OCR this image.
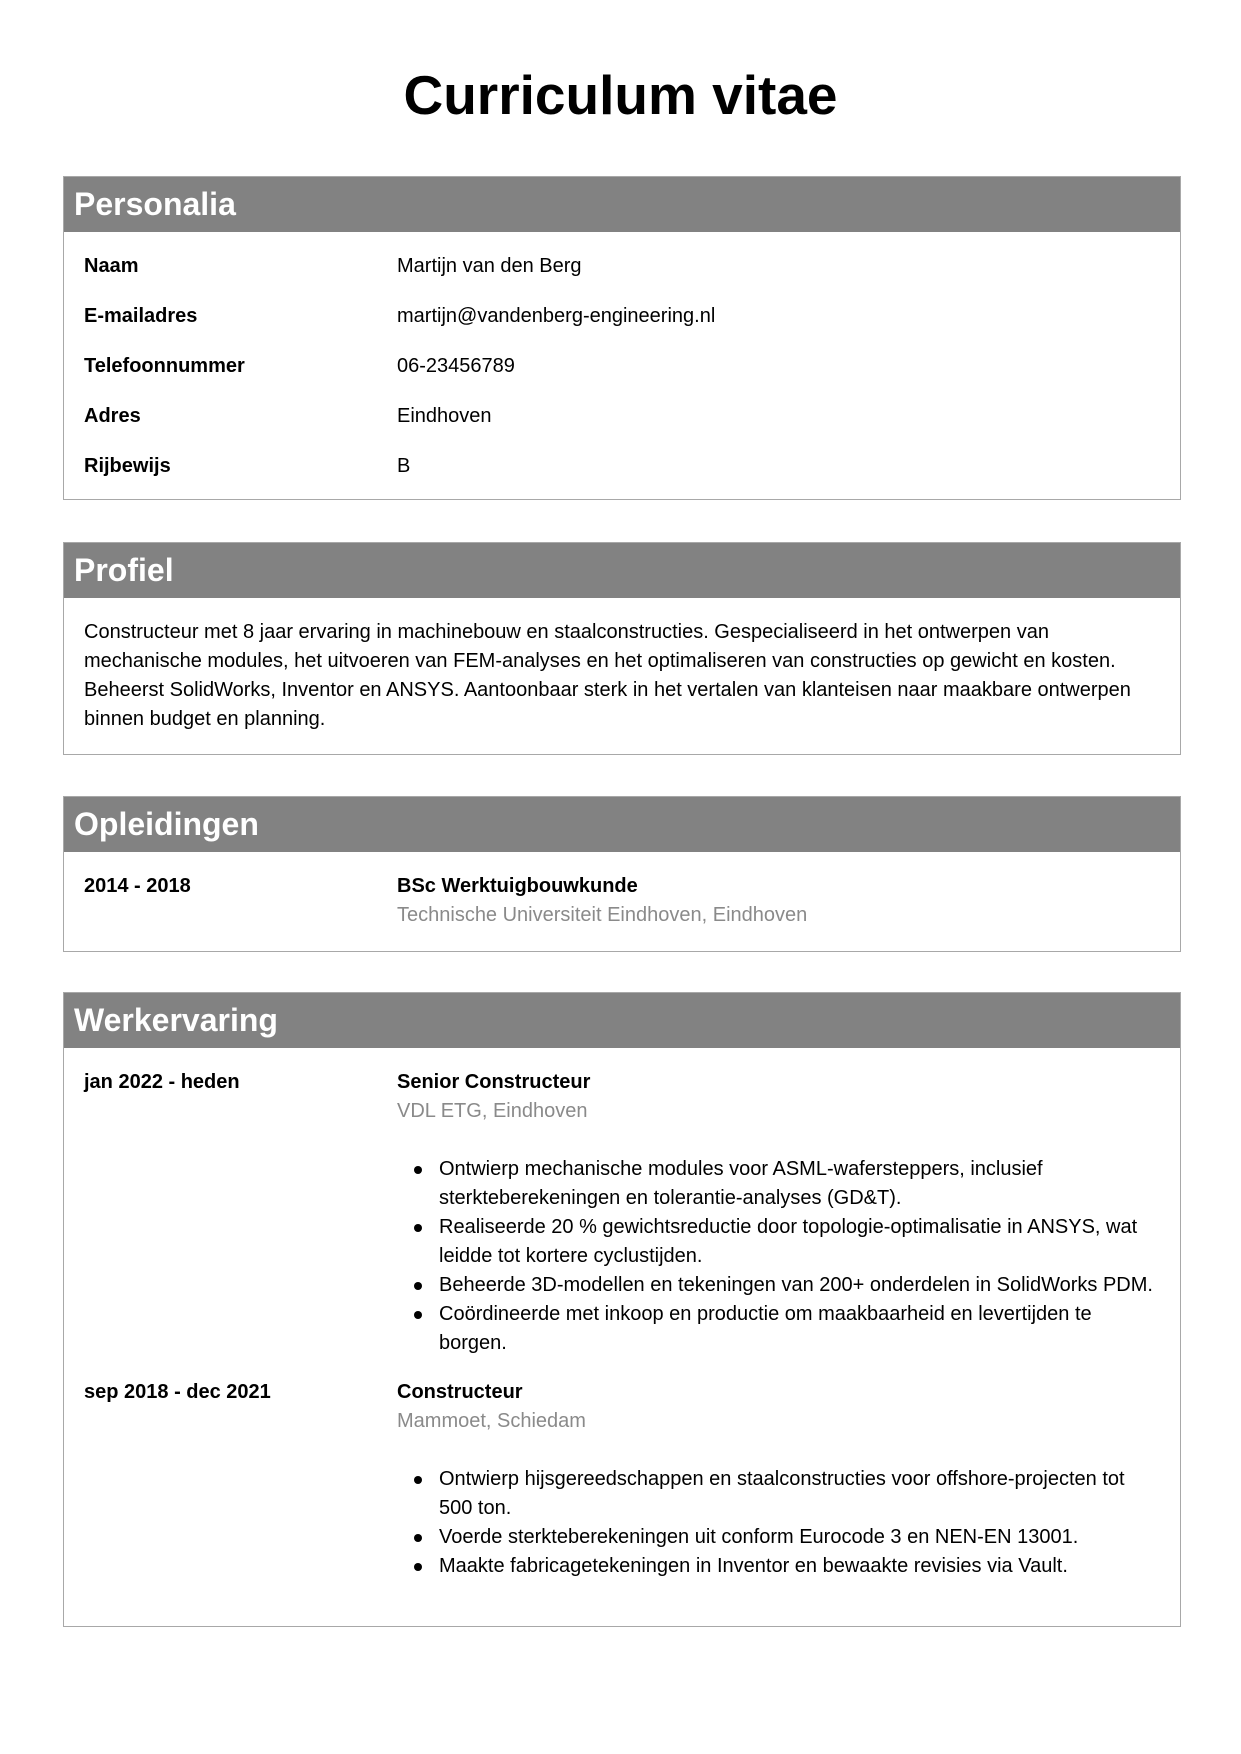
Curriculum vitae
Personalia
Naam	Martijn van den Berg
E-mailadres	martijn@vandenberg-engineering.nl
Telefoonnummer	06-23456789
Adres	Eindhoven
Rijbewijs	B
Profiel

Constructeur met 8 jaar ervaring in machinebouw en staalconstructies. Gespecialiseerd in het ontwerpen van mechanische modules, het uitvoeren van FEM-analyses en het optimaliseren van constructies op gewicht en kosten. Beheerst SolidWorks, Inventor en ANSYS. Aantoonbaar sterk in het vertalen van klanteisen naar maakbare ontwerpen binnen budget en planning.

Opleidingen
2014 - 2018	BSc Werktuigbouwkunde
Technische Universiteit Eindhoven, Eindhoven
Werkervaring
jan 2022 - heden	Senior Constructeur
VDL ETG, Eindhoven
Ontwierp mechanische modules voor ASML-wafersteppers, inclusief sterkteberekeningen en tolerantie-analyses (GD&T).
Realiseerde 20 % gewichtsreductie door topologie-optimalisatie in ANSYS, wat leidde tot kortere cyclustijden.
Beheerde 3D-modellen en tekeningen van 200+ onderdelen in SolidWorks PDM.
Coördineerde met inkoop en productie om maakbaarheid en levertijden te borgen.
sep 2018 - dec 2021	Constructeur
Mammoet, Schiedam
Ontwierp hijsgereedschappen en staalconstructies voor offshore-projecten tot 500 ton.
Voerde sterkteberekeningen uit conform Eurocode 3 en NEN-EN 13001.
Maakte fabricagetekeningen in Inventor en bewaakte revisies via Vault.
